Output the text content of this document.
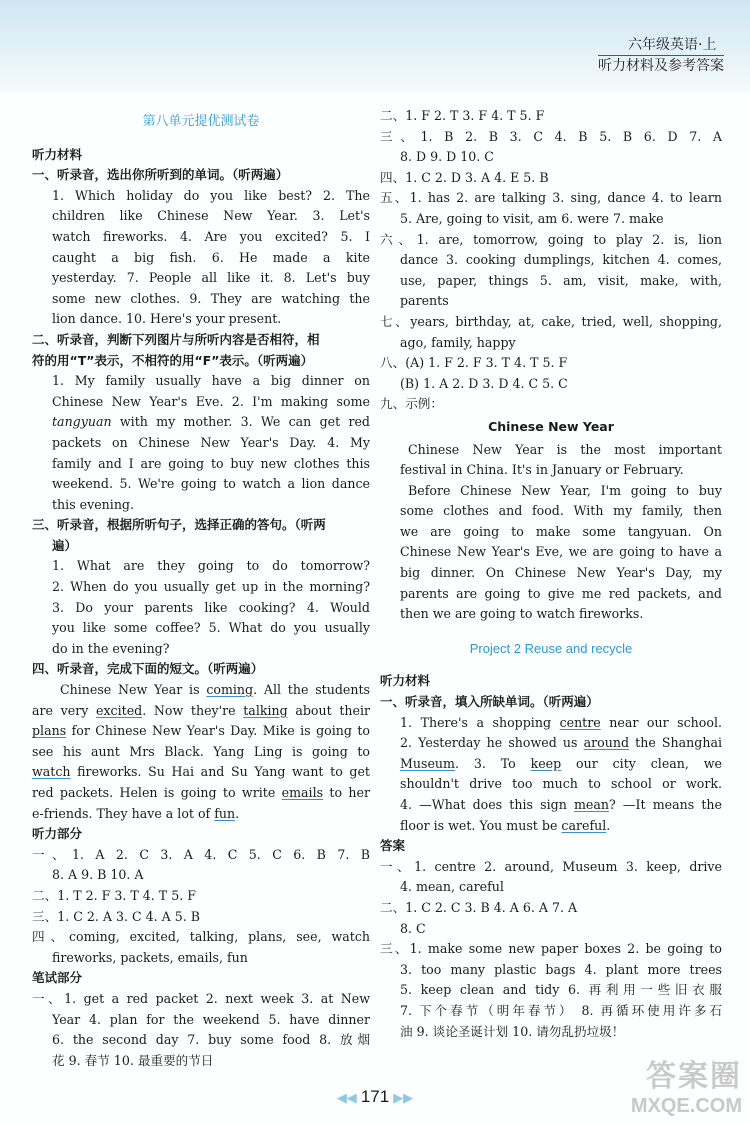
六年级英语·上
听力材料及参考答案
第八单元提优测试卷
听力材料
一、听录音，选出你所听到的单词。（听两遍）
1. Which holiday do you like best? 2. The
children like Chinese New Year. 3. Let's
watch fireworks. 4. Are you excited? 5. I
caught a big fish. 6. He made a kite
yesterday. 7. People all like it. 8. Let's buy
some new clothes. 9. They are watching the
lion dance. 10. Here's your present.
二、听录音，判断下列图片与所听内容是否相符，相
符的用“T”表示，不相符的用“F”表示。（听两遍）
1. My family usually have a big dinner on
Chinese New Year's Eve. 2. I'm making some
tangyuan with my mother. 3. We can get red
packets on Chinese New Year's Day. 4. My
family and I are going to buy new clothes this
weekend. 5. We're going to watch a lion dance
this evening.
三、听录音，根据所听句子，选择正确的答句。（听两
遍）
1. What are they going to do tomorrow?
2. When do you usually get up in the morning?
3. Do your parents like cooking? 4. Would
you like some coffee? 5. What do you usually
do in the evening?
四、听录音，完成下面的短文。（听两遍）
Chinese New Year is coming. All the students
are very excited. Now they're talking about their
plans for Chinese New Year's Day. Mike is going to
see his aunt Mrs Black. Yang Ling is going to
watch fireworks. Su Hai and Su Yang want to get
red packets. Helen is going to write emails to her
e-friends. They have a lot of fun.
听力部分
一、1. A 2. C 3. A 4. C 5. C 6. B 7. B
8. A 9. B 10. A
二、1. T 2. F 3. T 4. T 5. F
三、1. C 2. A 3. C 4. A 5. B
四、coming, excited, talking, plans, see, watch
fireworks, packets, emails, fun
笔试部分
一、1. get a red packet 2. next week 3. at New
Year 4. plan for the weekend 5. have dinner
6. the second day 7. buy some food 8. 放烟
花 9. 春节 10. 最重要的节日
二、1. F 2. T 3. F 4. T 5. F
三、1. B 2. B 3. C 4. B 5. B 6. D 7. A
8. D 9. D 10. C
四、1. C 2. D 3. A 4. E 5. B
五、1. has 2. are talking 3. sing, dance 4. to learn
5. Are, going to visit, am 6. were 7. make
六、1. are, tomorrow, going to play 2. is, lion
dance 3. cooking dumplings, kitchen 4. comes,
use, paper, things 5. am, visit, make, with,
parents
七、years, birthday, at, cake, tried, well, shopping,
ago, family, happy
八、(A) 1. F 2. F 3. T 4. T 5. F
(B) 1. A 2. D 3. D 4. C 5. C
九、示例：
Chinese New Year
Chinese New Year is the most important
festival in China. It's in January or February.
Before Chinese New Year, I'm going to buy
some clothes and food. With my family, then
we are going to make some tangyuan. On
Chinese New Year's Eve, we are going to have a
big dinner. On Chinese New Year's Day, my
parents are going to give me red packets, and
then we are going to watch fireworks.
Project 2 Reuse and recycle
听力材料
一、听录音，填入所缺单词。（听两遍）
1. There's a shopping centre near our school.
2. Yesterday he showed us around the Shanghai
Museum. 3. To keep our city clean, we
shouldn't drive too much to school or work.
4. —What does this sign mean? —It means the
floor is wet. You must be careful.
答案
一、1. centre 2. around, Museum 3. keep, drive
4. mean, careful
二、1. C 2. C 3. B 4. A 6. A 7. A
8. C
三、1. make some new paper boxes 2. be going to
3. too many plastic bags 4. plant more trees
5. keep clean and tidy 6. 再利用一些旧衣服
7. 下个春节（明年春节） 8. 再循环使用许多石
油 9. 谈论圣诞计划 10. 请勿乱扔垃圾！
◀◀ 171 ▶▶
答案圈
MXQE.COM
